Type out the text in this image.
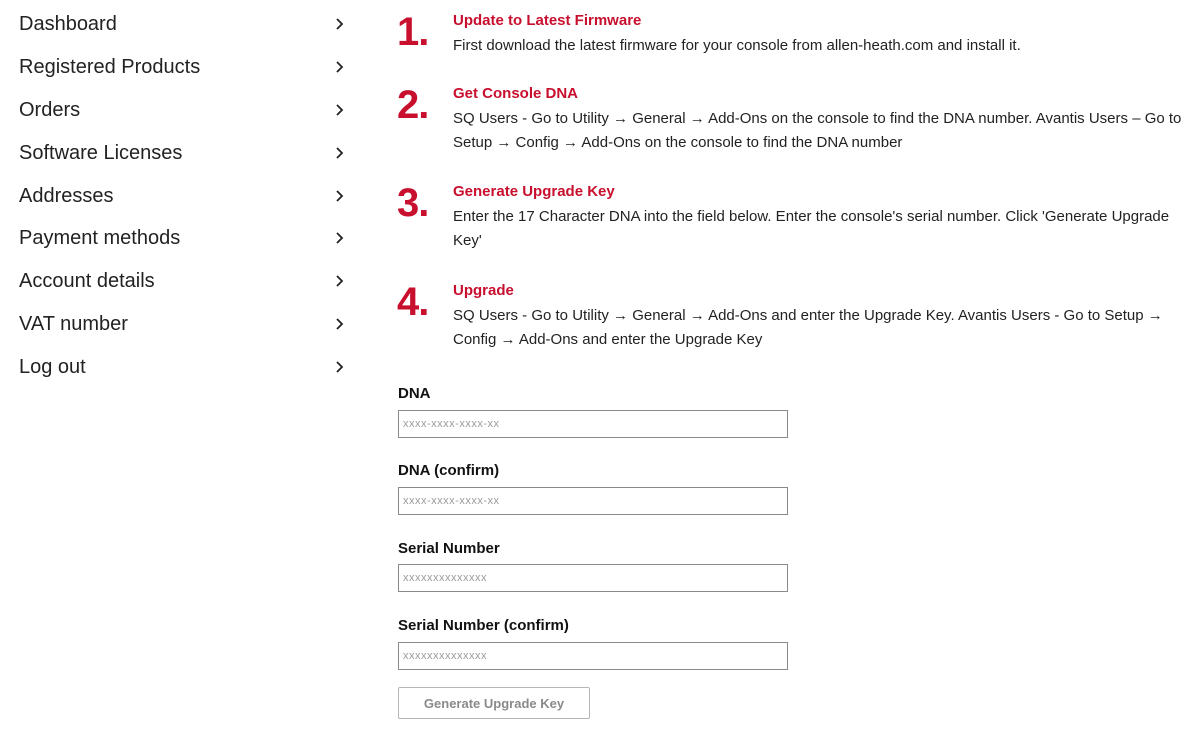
Dashboard
Registered Products
Orders
Software Licenses
Addresses
Payment methods
Account details
VAT number
Log out
1. Update to Latest Firmware
First download the latest firmware for your console from allen-heath.com and install it.
2. Get Console DNA
SQ Users - Go to Utility → General → Add-Ons on the console to find the DNA number. Avantis Users – Go to Setup → Config → Add-Ons on the console to find the DNA number
3. Generate Upgrade Key
Enter the 17 Character DNA into the field below. Enter the console's serial number. Click 'Generate Upgrade Key'
4. Upgrade
SQ Users - Go to Utility → General → Add-Ons and enter the Upgrade Key. Avantis Users - Go to Setup → Config → Add-Ons and enter the Upgrade Key
DNA
xxxx-xxxx-xxxx-xx
DNA (confirm)
xxxx-xxxx-xxxx-xx
Serial Number
xxxxxxxxxxxxxx
Serial Number (confirm)
xxxxxxxxxxxxxx
Generate Upgrade Key
